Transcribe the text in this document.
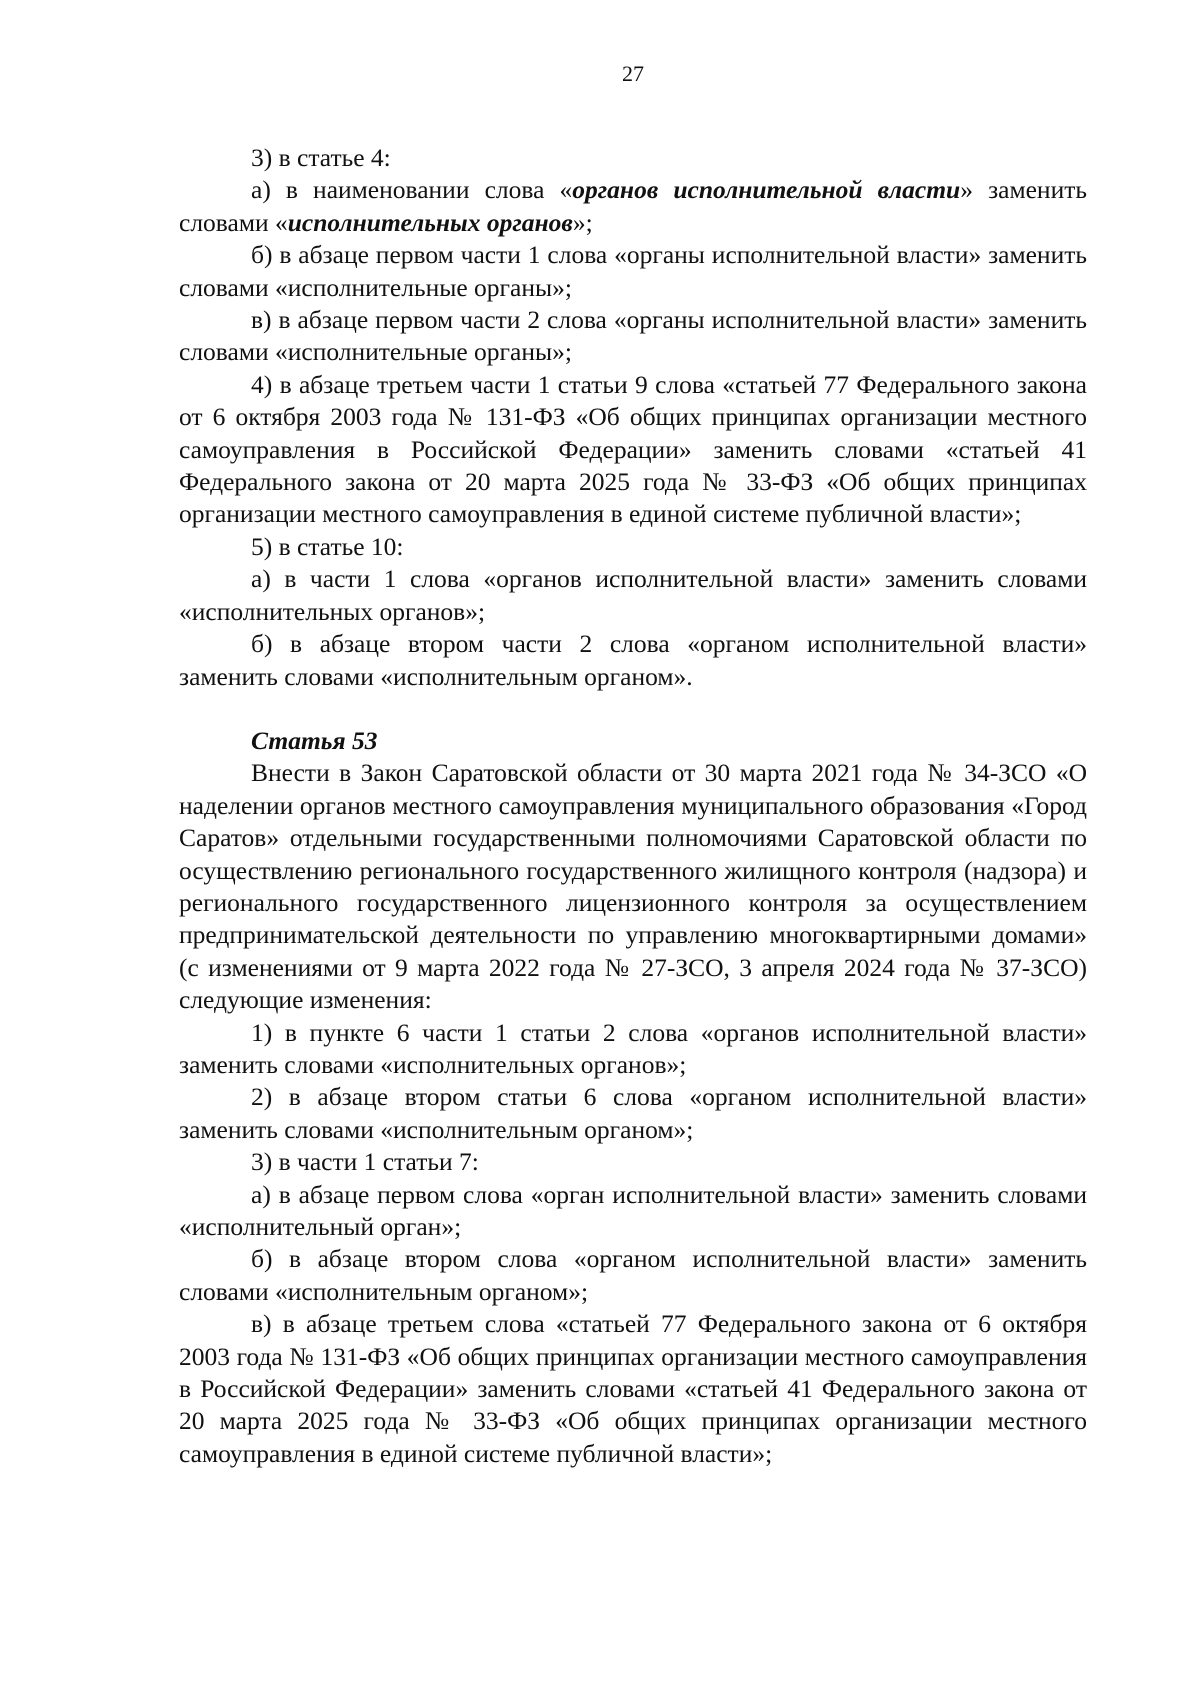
27

3) в статье 4:

а) в наименовании слова «органов исполнительной власти» заменить словами «исполнительных органов»;

б) в абзаце первом части 1 слова «органы исполнительной власти» заменить словами «исполнительные органы»;

в) в абзаце первом части 2 слова «органы исполнительной власти» заменить словами «исполнительные органы»;

4) в абзаце третьем части 1 статьи 9 слова «статьей 77 Федерального закона от 6 октября 2003 года № 131-ФЗ «Об общих принципах организации местного самоуправления в Российской Федерации» заменить словами «статьей 41 Федерального закона от 20 марта 2025 года № 33-ФЗ «Об общих принципах организации местного самоуправления в единой системе публичной власти»;

5) в статье 10:

а) в части 1 слова «органов исполнительной власти» заменить словами «исполнительных органов»;

б) в абзаце втором части 2 слова «органом исполнительной власти» заменить словами «исполнительным органом».

Статья 53

Внести в Закон Саратовской области от 30 марта 2021 года № 34-ЗСО «О наделении органов местного самоуправления муниципального образования «Город Саратов» отдельными государственными полномочиями Саратовской области по осуществлению регионального государственного жилищного контроля (надзора) и регионального государственного лицензионного контроля за осуществлением предпринимательской деятельности по управлению многоквартирными домами» (с изменениями от 9 марта 2022 года № 27-ЗСО, 3 апреля 2024 года № 37-ЗСО) следующие изменения:

1) в пункте 6 части 1 статьи 2 слова «органов исполнительной власти» заменить словами «исполнительных органов»;

2) в абзаце втором статьи 6 слова «органом исполнительной власти» заменить словами «исполнительным органом»;

3) в части 1 статьи 7:

а) в абзаце первом слова «орган исполнительной власти» заменить словами «исполнительный орган»;

б) в абзаце втором слова «органом исполнительной власти» заменить словами «исполнительным органом»;

в) в абзаце третьем слова «статьей 77 Федерального закона от 6 октября 2003 года № 131-ФЗ «Об общих принципах организации местного самоуправления в Российской Федерации» заменить словами «статьей 41 Федерального закона от 20 марта 2025 года № 33-ФЗ «Об общих принципах организации местного самоуправления в единой системе публичной власти»;
